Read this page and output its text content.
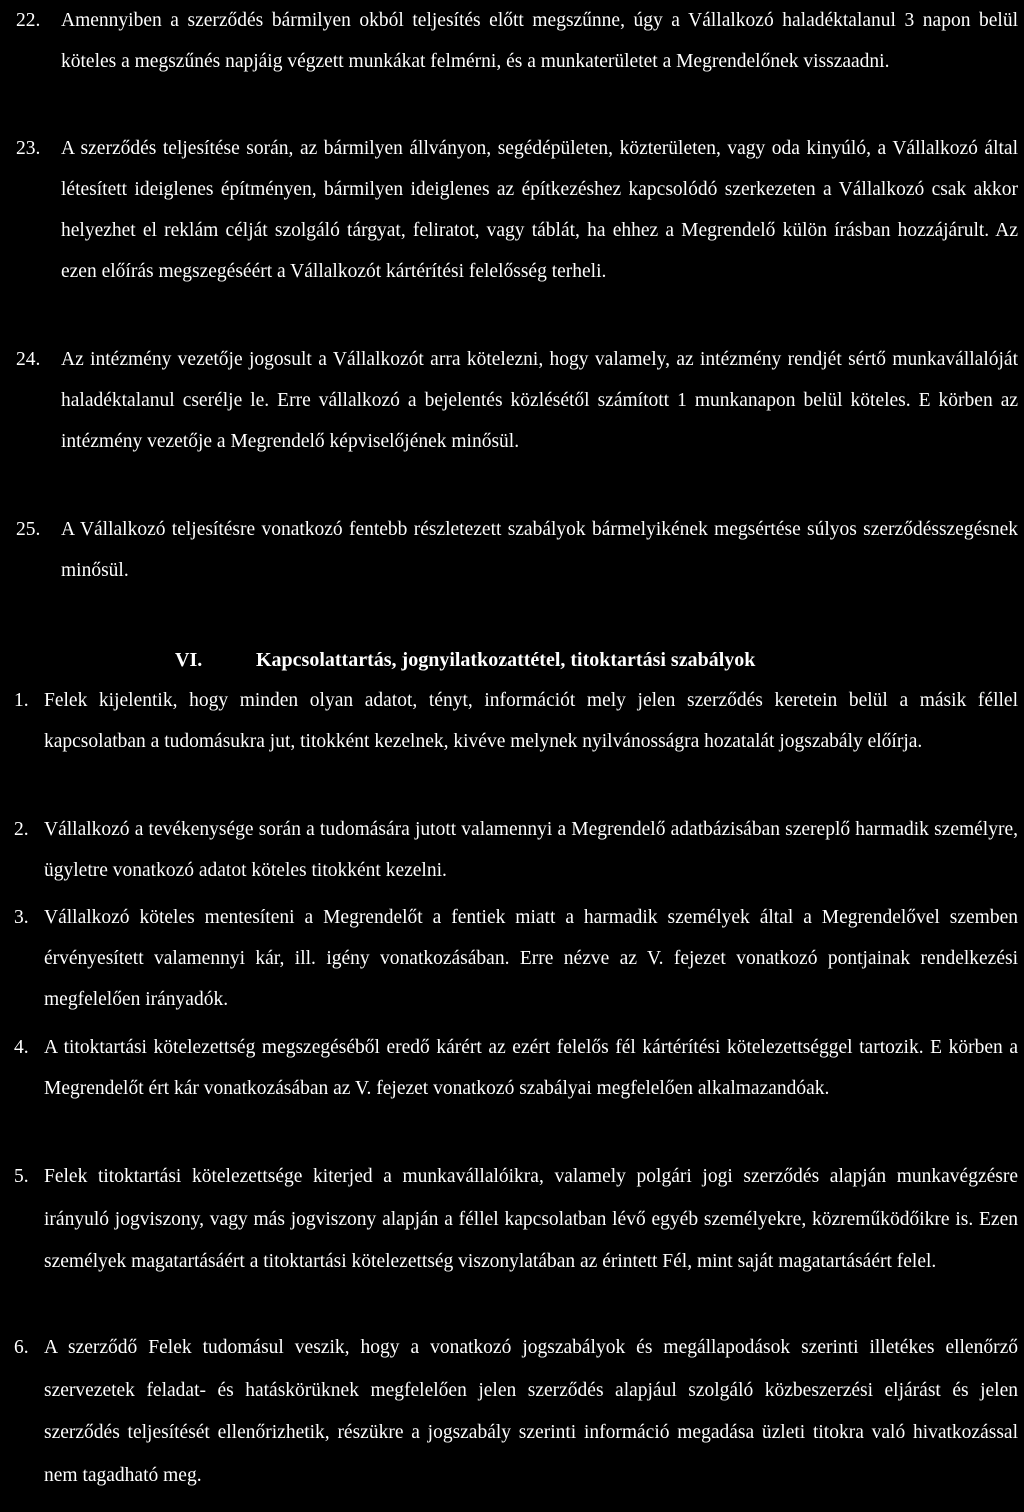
22.	Amennyiben a szerződés bármilyen okból teljesítés előtt megszűnne, úgy a Vállalkozó haladéktalanul 3 napon belül köteles a megszűnés napjáig végzett munkákat felmérni, és a munkaterületet a Megrendelőnek visszaadni.
23.	A szerződés teljesítése során, az bármilyen állványon, segédépületen, közterületen, vagy oda kinyúló, a Vállalkozó által létesített ideiglenes építményen, bármilyen ideiglenes az építkezéshez kapcsolódó szerkezeten a Vállalkozó csak akkor helyezhet el reklám célját szolgáló tárgyat, feliratot, vagy táblát, ha ehhez a Megrendelő külön írásban hozzájárult. Az ezen előírás megszegéséért a Vállalkozót kártérítési felelősség terheli.
24.	Az intézmény vezetője jogosult a Vállalkozót arra kötelezni, hogy valamely, az intézmény rendjét sértő munkavállalóját haladéktalanul cserélje le. Erre vállalkozó a bejelentés közlésétől számított 1 munkanapon belül köteles. E körben az intézmény vezetője a Megrendelő képviselőjének minősül.
25.	A Vállalkozó teljesítésre vonatkozó fentebb részletezett szabályok bármelyikének megsértése súlyos szerződésszegésnek minősül.
VI.	Kapcsolattartás, jognyilatkozattétel, titoktartási szabályok
1. Felek kijelentik, hogy minden olyan adatot, tényt, információt mely jelen szerződés keretein belül a másik féllel kapcsolatban a tudomásukra jut, titokként kezelnek, kivéve melynek nyilvánosságra hozatalát jogszabály előírja.
2. Vállalkozó a tevékenysége során a tudomására jutott valamennyi a Megrendelő adatbázisában szereplő harmadik személyre, ügyletre vonatkozó adatot köteles titokként kezelni.
3. Vállalkozó köteles mentesíteni a Megrendelőt a fentiek miatt a harmadik személyek által a Megrendelővel szemben érvényesített valamennyi kár, ill. igény vonatkozásában. Erre nézve az V. fejezet vonatkozó pontjainak rendelkezési megfelelően irányadók.
4. A titoktartási kötelezettség megszegéséből eredő kárért az ezért felelős fél kártérítési kötelezettséggel tartozik. E körben a Megrendelőt ért kár vonatkozásában az V. fejezet vonatkozó szabályai megfelelően alkalmazandóak.
5. Felek titoktartási kötelezettsége kiterjed a munkavállalóikra, valamely polgári jogi szerződés alapján munkavégzésre irányuló jogviszony, vagy más jogviszony alapján a féllel kapcsolatban lévő egyéb személyekre, közreműködőikre is. Ezen személyek magatartásáért a titoktartási kötelezettség viszonylatában az érintett Fél, mint saját magatartásáért felel.
6. A szerződő Felek tudomásul veszik, hogy a vonatkozó jogszabályok és megállapodások szerinti illetékes ellenőrző szervezetek feladat- és hatáskörüknek megfelelően jelen szerződés alapjául szolgáló közbeszerzési eljárást és jelen szerződés teljesítését ellenőrizhetik, részükre a jogszabály szerinti információ megadása üzleti titokra való hivatkozással nem tagadható meg.
